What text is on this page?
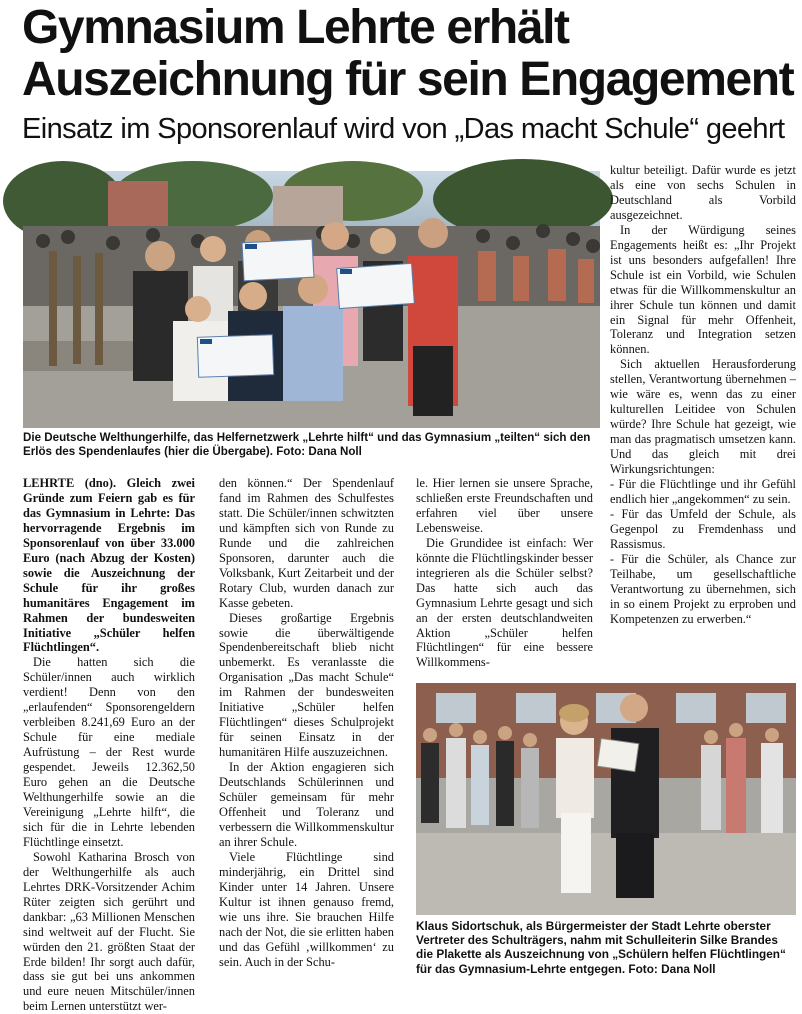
Gymnasium Lehrte erhält
Auszeichnung für sein Engagement
Einsatz im Sponsorenlauf wird von „Das macht Schule“ geehrt
Die Deutsche Welthungerhilfe, das Helfernetzwerk „Lehrte hilft“ und das Gymnasium „teilten“ sich den Erlös des Spendenlaufes (hier die Übergabe). Foto: Dana Noll

LEHRTE (dno). Gleich zwei Gründe zum Feiern gab es für das Gymnasium in Lehrte: Das hervorragende Ergebnis im Sponsorenlauf von über 33.000 Euro (nach Abzug der Kosten) sowie die Auszeichnung der Schule für ihr großes humanitäres Engagement im Rahmen der bundesweiten Initiative „Schüler helfen Flüchtlingen“.

Die hatten sich die Schüler/innen auch wirklich verdient! Denn von den „erlaufenden“ Sponsorengeldern verbleiben 8.241,69 Euro an der Schule für eine mediale Aufrüstung – der Rest wurde gespendet. Jeweils 12.362,50 Euro gehen an die Deutsche Welthungerhilfe sowie an die Vereinigung „Lehrte hilft“, die sich für die in Lehrte lebenden Flüchtlinge einsetzt.

Sowohl Katharina Brosch von der Welthungerhilfe als auch Lehrtes DRK-Vorsitzender Achim Rüter zeigten sich gerührt und dankbar: „63 Millionen Menschen sind weltweit auf der Flucht. Sie würden den 21. größten Staat der Erde bilden! Ihr sorgt auch dafür, dass sie gut bei uns ankommen und eure neuen Mitschüler/innen beim Lernen unterstützt wer-

den können.“ Der Spendenlauf fand im Rahmen des Schulfestes statt. Die Schüler/innen schwitzten und kämpften sich von Runde zu Runde und die zahlreichen Sponsoren, darunter auch die Volksbank, Kurt Zeitarbeit und der Rotary Club, wurden danach zur Kasse gebeten.

Dieses großartige Ergebnis sowie die überwältigende Spendenbereitschaft blieb nicht unbemerkt. Es veranlasste die Organisation „Das macht Schule“ im Rahmen der bundesweiten Initiative „Schüler helfen Flüchtlingen“ dieses Schulprojekt für seinen Einsatz in der humanitären Hilfe auszuzeichnen.

In der Aktion engagieren sich Deutschlands Schülerinnen und Schüler gemeinsam für mehr Offenheit und Toleranz und verbessern die Willkommenskultur an ihrer Schule.

Viele Flüchtlinge sind minderjährig, ein Drittel sind Kinder unter 14 Jahren. Unsere Kultur ist ihnen genauso fremd, wie uns ihre. Sie brauchen Hilfe nach der Not, die sie erlitten haben und das Gefühl ‚willkommen‘ zu sein. Auch in der Schu-

le. Hier lernen sie unsere Sprache, schließen erste Freundschaften und erfahren viel über unsere Lebensweise.

Die Grundidee ist einfach: Wer könnte die Flüchtlingskinder besser integrieren als die Schüler selbst? Das hatte sich auch das Gymnasium Lehrte gesagt und sich an der ersten deutschlandweiten Aktion „Schüler helfen Flüchtlingen“ für eine bessere Willkommens-

kultur beteiligt. Dafür wurde es jetzt als eine von sechs Schulen in Deutschland als Vorbild ausgezeichnet.

In der Würdigung seines Engagements heißt es: „Ihr Projekt ist uns besonders aufgefallen! Ihre Schule ist ein Vorbild, wie Schulen etwas für die Willkommenskultur an ihrer Schule tun können und damit ein Signal für mehr Offenheit, Toleranz und Integration setzen können.

Sich aktuellen Herausforderung stellen, Verantwortung übernehmen – wie wäre es, wenn das zu einer kulturellen Leitidee von Schulen würde? Ihre Schule hat gezeigt, wie man das pragmatisch umsetzen kann. Und das gleich mit drei Wirkungsrichtungen:

- Für die Flüchtlinge und ihr Gefühl endlich hier „angekommen“ zu sein.

- Für das Umfeld der Schule, als Gegenpol zu Fremdenhass und Rassismus.

- Für die Schüler, als Chance zur Teilhabe, um gesellschaftliche Verantwortung zu übernehmen, sich in so einem Projekt zu erproben und Kompetenzen zu erwerben.“

Klaus Sidortschuk, als Bürgermeister der Stadt Lehrte oberster Vertreter des Schulträgers, nahm mit Schulleiterin Silke Brandes die Plakette als Auszeichnung von „Schülern helfen Flüchtlingen“ für das Gymnasium-Lehrte entgegen. Foto: Dana Noll
